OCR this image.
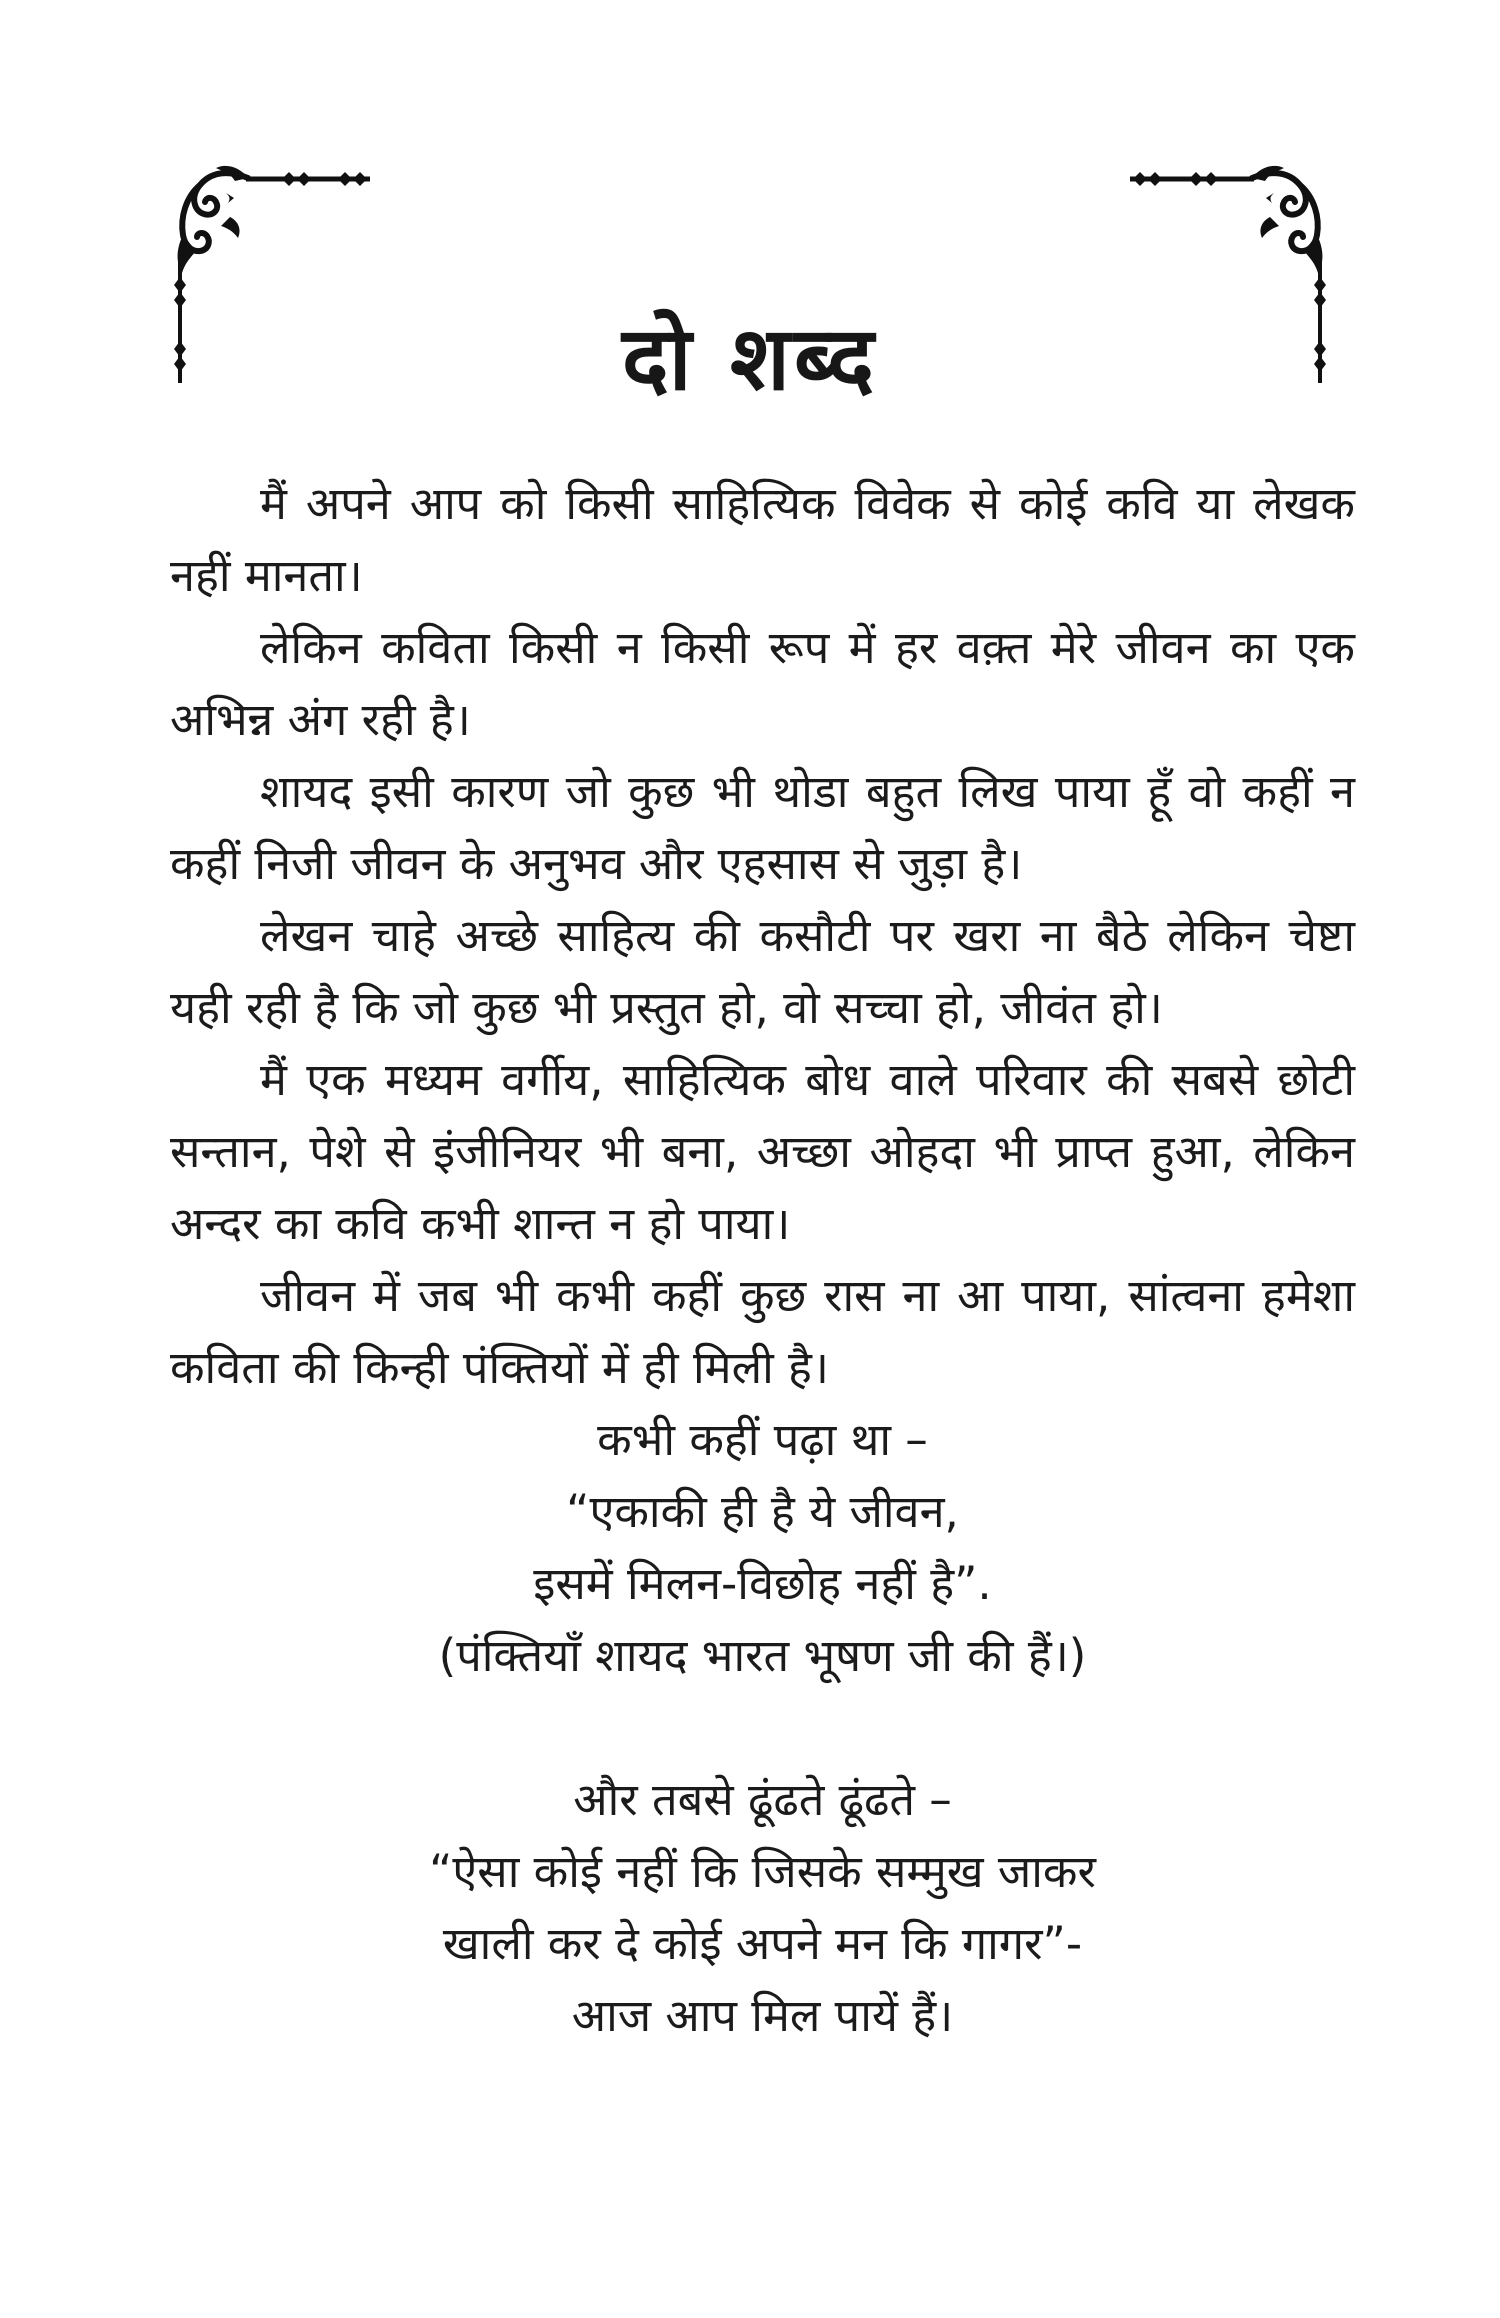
दो शब्द

मैं अपने आप को किसी साहित्यिक विवेक से कोई कवि या लेखक नहीं मानता।

लेकिन कविता किसी न किसी रूप में हर वक़्त मेरे जीवन का एक अभिन्न अंग रही है।

शायद इसी कारण जो कुछ भी थोडा बहुत लिख पाया हूँ वो कहीं न कहीं निजी जीवन के अनुभव और एहसास से जुड़ा है।

लेखन चाहे अच्छे साहित्य की कसौटी पर खरा ना बैठे लेकिन चेष्टा यही रही है कि जो कुछ भी प्रस्तुत हो, वो सच्चा हो, जीवंत हो।

मैं एक मध्यम वर्गीय, साहित्यिक बोध वाले परिवार की सबसे छोटी सन्तान, पेशे से इंजीनियर भी बना, अच्छा ओहदा भी प्राप्त हुआ, लेकिन अन्दर का कवि कभी शान्त न हो पाया।

जीवन में जब भी कभी कहीं कुछ रास ना आ पाया, सांत्वना हमेशा कविता की किन्ही पंक्तियों में ही मिली है।

कभी कहीं पढ़ा था –

“एकाकी ही है ये जीवन,

इसमें मिलन-विछोह नहीं है”.

(पंक्तियाँ शायद भारत भूषण जी की हैं।)

और तबसे ढूंढते ढूंढते –

“ऐसा कोई नहीं कि जिसके सम्मुख जाकर

खाली कर दे कोई अपने मन कि गागर”-

आज आप मिल पायें हैं।
